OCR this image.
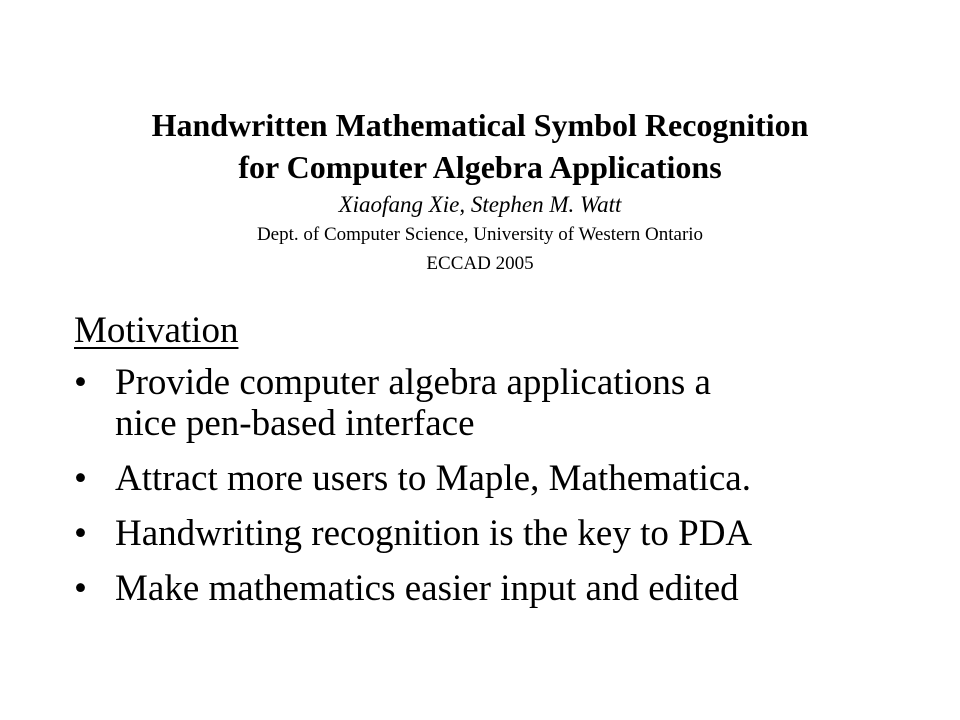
Handwritten Mathematical Symbol Recognition
for Computer Algebra Applications
Xiaofang Xie, Stephen M. Watt
Dept. of Computer Science, University of Western Ontario
ECCAD 2005
Motivation
• Provide computer algebra applications a
nice pen-based interface
• Attract more users to Maple, Mathematica.
• Handwriting recognition is the key to PDA
• Make mathematics easier input and edited
